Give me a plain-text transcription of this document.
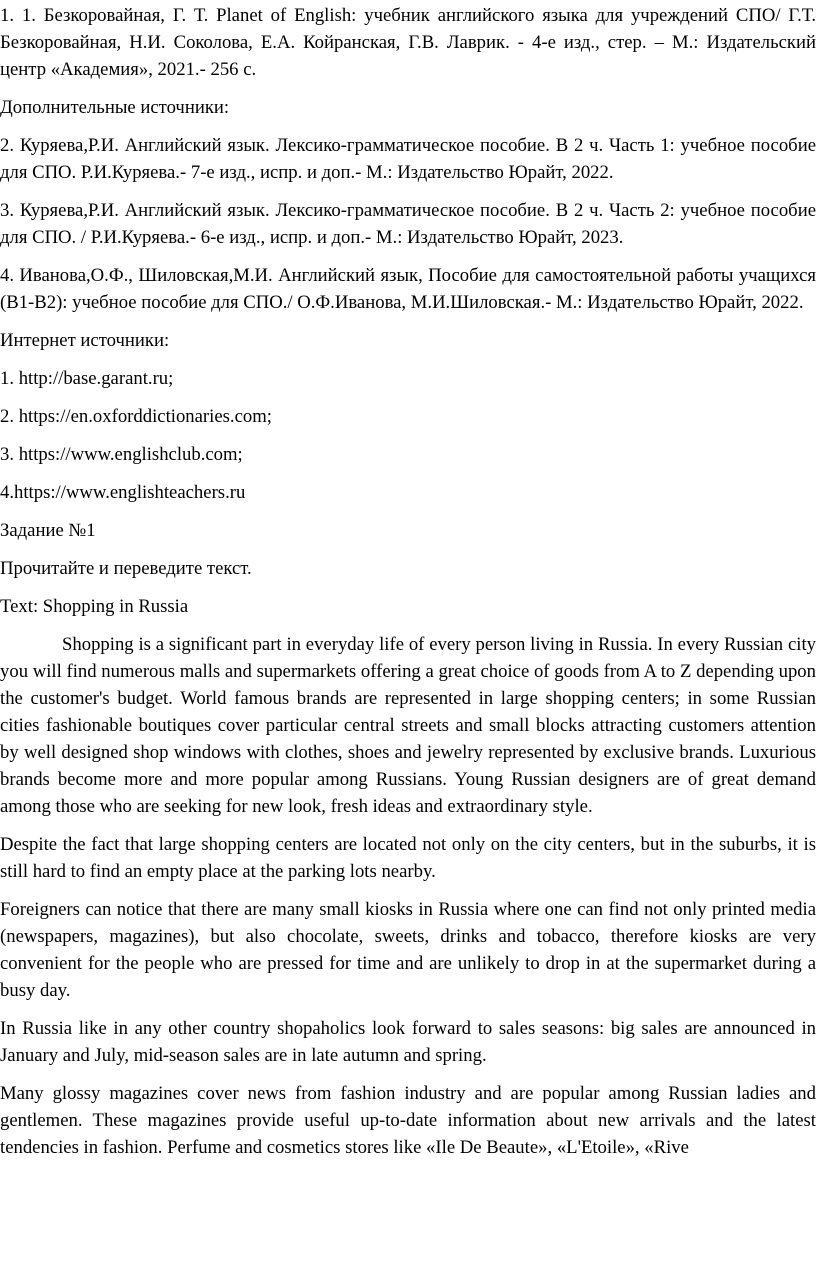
1. 1. Безкоровайная, Г. Т. Planet of English: учебник английского языка для учреждений СПО/ Г.Т. Безкоровайная, Н.И. Соколова, Е.А. Койранская, Г.В. Лаврик. - 4-е изд., стер. – М.: Издательский центр «Академия», 2021.- 256 с.

Дополнительные источники:

2. Куряева,Р.И. Английский язык. Лексико-грамматическое пособие. В 2 ч. Часть 1: учебное пособие для СПО. Р.И.Куряева.- 7-е изд., испр. и доп.- М.: Издательство Юрайт, 2022.

3. Куряева,Р.И. Английский язык. Лексико-грамматическое пособие. В 2 ч. Часть 2: учебное пособие для СПО. / Р.И.Куряева.- 6-е изд., испр. и доп.- М.: Издательство Юрайт, 2023.

4. Иванова,О.Ф., Шиловская,М.И. Английский язык, Пособие для самостоятельной работы учащихся (В1-В2): учебное пособие для СПО./ О.Ф.Иванова, М.И.Шиловская.- М.: Издательство Юрайт, 2022.

Интернет источники:

1. http://base.garant.ru;

2. https://en.oxforddictionaries.com;

3. https://www.englishclub.com;

4.https://www.englishteachers.ru

Задание №1

Прочитайте и переведите текст.

Text: Shopping in Russia

Shopping is a significant part in everyday life of every person living in Russia. In every Russian city you will find numerous malls and supermarkets offering a great choice of goods from A to Z depending upon the customer's budget. World famous brands are represented in large shopping centers; in some Russian cities fashionable boutiques cover particular central streets and small blocks attracting customers attention by well designed shop windows with clothes, shoes and jewelry represented by exclusive brands. Luxurious brands become more and more popular among Russians. Young Russian designers are of great demand among those who are seeking for new look, fresh ideas and extraordinary style.

Despite the fact that large shopping centers are located not only on the city centers, but in the suburbs, it is still hard to find an empty place at the parking lots nearby.

Foreigners can notice that there are many small kiosks in Russia where one can find not only printed media (newspapers, magazines), but also chocolate, sweets, drinks and tobacco, therefore kiosks are very convenient for the people who are pressed for time and are unlikely to drop in at the supermarket during a busy day.

In Russia like in any other country shopaholics look forward to sales seasons: big sales are announced in January and July, mid-season sales are in late autumn and spring.

Many glossy magazines cover news from fashion industry and are popular among Russian ladies and gentlemen. These magazines provide useful up-to-date information about new arrivals and the latest tendencies in fashion. Perfume and cosmetics stores like «Ile De Beaute», «L'Etoile», «Rive
